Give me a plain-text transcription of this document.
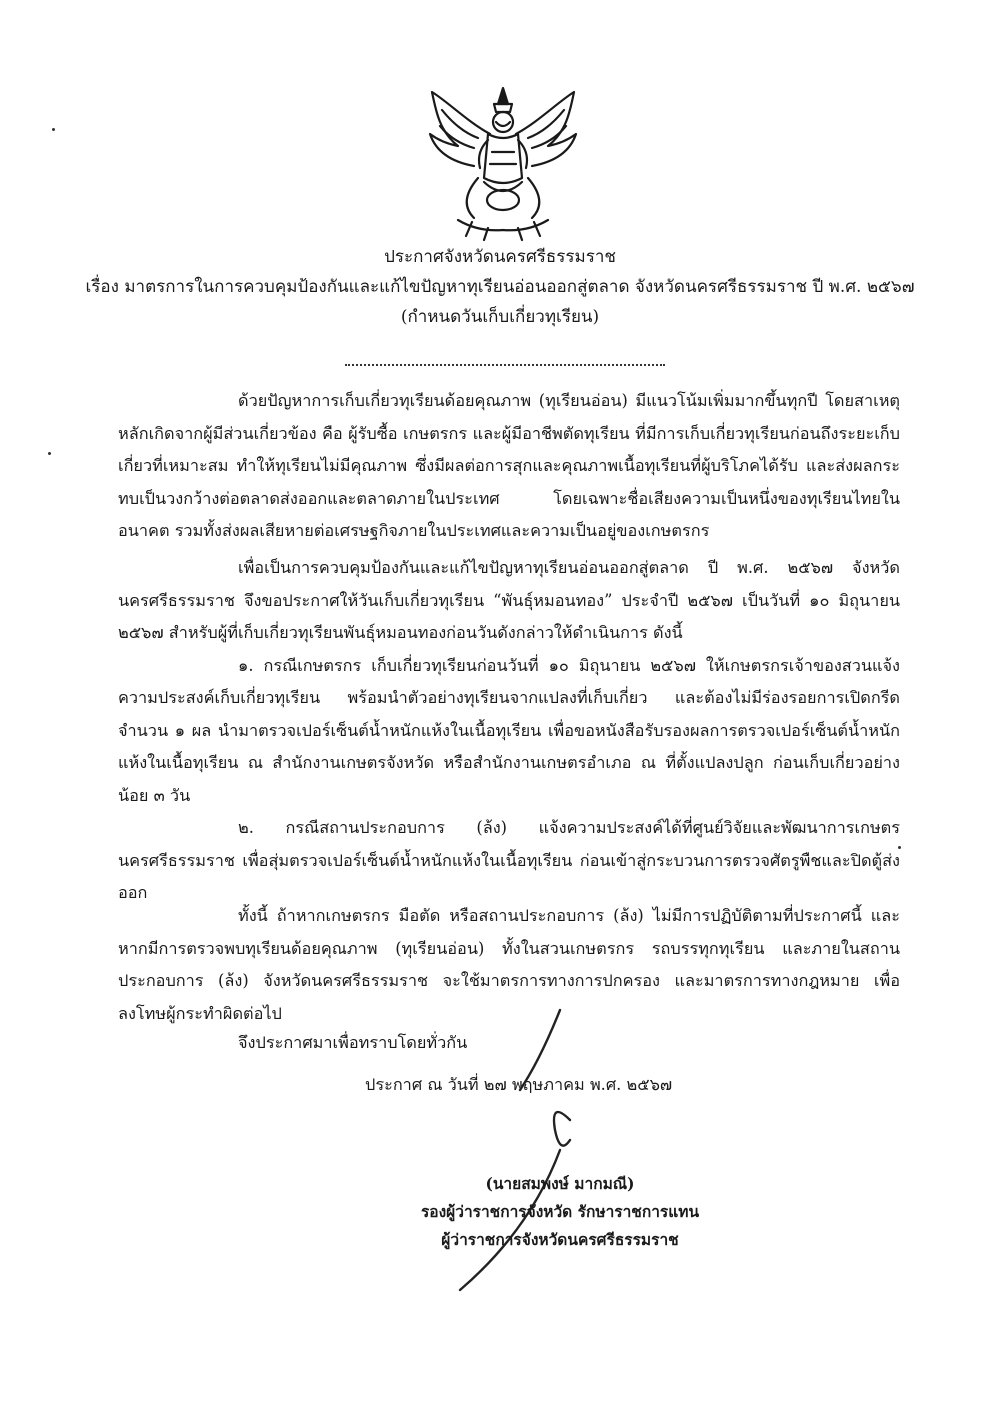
ประกาศจังหวัดนครศรีธรรมราช
เรื่อง มาตรการในการควบคุมป้องกันและแก้ไขปัญหาทุเรียนอ่อนออกสู่ตลาด จังหวัดนครศรีธรรมราช ปี พ.ศ. ๒๕๖๗
(กำหนดวันเก็บเกี่ยวทุเรียน)

ด้วยปัญหาการเก็บเกี่ยวทุเรียนด้อยคุณภาพ (ทุเรียนอ่อน) มีแนวโน้มเพิ่มมากขึ้นทุกปี โดยสาเหตุหลักเกิดจากผู้มีส่วนเกี่ยวข้อง คือ ผู้รับซื้อ เกษตรกร และผู้มีอาชีพตัดทุเรียน ที่มีการเก็บเกี่ยวทุเรียนก่อนถึงระยะเก็บเกี่ยวที่เหมาะสม ทำให้ทุเรียนไม่มีคุณภาพ ซึ่งมีผลต่อการสุกและคุณภาพเนื้อทุเรียนที่ผู้บริโภคได้รับ และส่งผลกระทบเป็นวงกว้างต่อตลาดส่งออกและตลาดภายในประเทศ โดยเฉพาะชื่อเสียงความเป็นหนึ่งของทุเรียนไทยในอนาคต รวมทั้งส่งผลเสียหายต่อเศรษฐกิจภายในประเทศและความเป็นอยู่ของเกษตรกร

เพื่อเป็นการควบคุมป้องกันและแก้ไขปัญหาทุเรียนอ่อนออกสู่ตลาด ปี พ.ศ. ๒๕๖๗ จังหวัดนครศรีธรรมราช จึงขอประกาศให้วันเก็บเกี่ยวทุเรียน “พันธุ์หมอนทอง” ประจำปี ๒๕๖๗ เป็นวันที่ ๑๐ มิถุนายน ๒๕๖๗ สำหรับผู้ที่เก็บเกี่ยวทุเรียนพันธุ์หมอนทองก่อนวันดังกล่าวให้ดำเนินการ ดังนี้

๑. กรณีเกษตรกร เก็บเกี่ยวทุเรียนก่อนวันที่ ๑๐ มิถุนายน ๒๕๖๗ ให้เกษตรกรเจ้าของสวนแจ้งความประสงค์เก็บเกี่ยวทุเรียน พร้อมนำตัวอย่างทุเรียนจากแปลงที่เก็บเกี่ยว และต้องไม่มีร่องรอยการเปิดกรีด จำนวน ๑ ผล นำมาตรวจเปอร์เซ็นต์น้ำหนักแห้งในเนื้อทุเรียน เพื่อขอหนังสือรับรองผลการตรวจเปอร์เซ็นต์น้ำหนักแห้งในเนื้อทุเรียน ณ สำนักงานเกษตรจังหวัด หรือสำนักงานเกษตรอำเภอ ณ ที่ตั้งแปลงปลูก ก่อนเก็บเกี่ยวอย่างน้อย ๓ วัน

๒. กรณีสถานประกอบการ (ล้ง) แจ้งความประสงค์ได้ที่ศูนย์วิจัยและพัฒนาการเกษตรนครศรีธรรมราช เพื่อสุ่มตรวจเปอร์เซ็นต์น้ำหนักแห้งในเนื้อทุเรียน ก่อนเข้าสู่กระบวนการตรวจศัตรูพืชและปิดตู้ส่งออก

ทั้งนี้ ถ้าหากเกษตรกร มือตัด หรือสถานประกอบการ (ล้ง) ไม่มีการปฏิบัติตามที่ประกาศนี้ และหากมีการตรวจพบทุเรียนด้อยคุณภาพ (ทุเรียนอ่อน) ทั้งในสวนเกษตรกร รถบรรทุกทุเรียน และภายในสถานประกอบการ (ล้ง) จังหวัดนครศรีธรรมราช จะใช้มาตรการทางการปกครอง และมาตรการทางกฎหมาย เพื่อลงโทษผู้กระทำผิดต่อไป

จึงประกาศมาเพื่อทราบโดยทั่วกัน
ประกาศ ณ วันที่ ๒๗ พฤษภาคม พ.ศ. ๒๕๖๗
(นายสมพงษ์ มากมณี)
รองผู้ว่าราชการจังหวัด รักษาราชการแทน
ผู้ว่าราชการจังหวัดนครศรีธรรมราช
